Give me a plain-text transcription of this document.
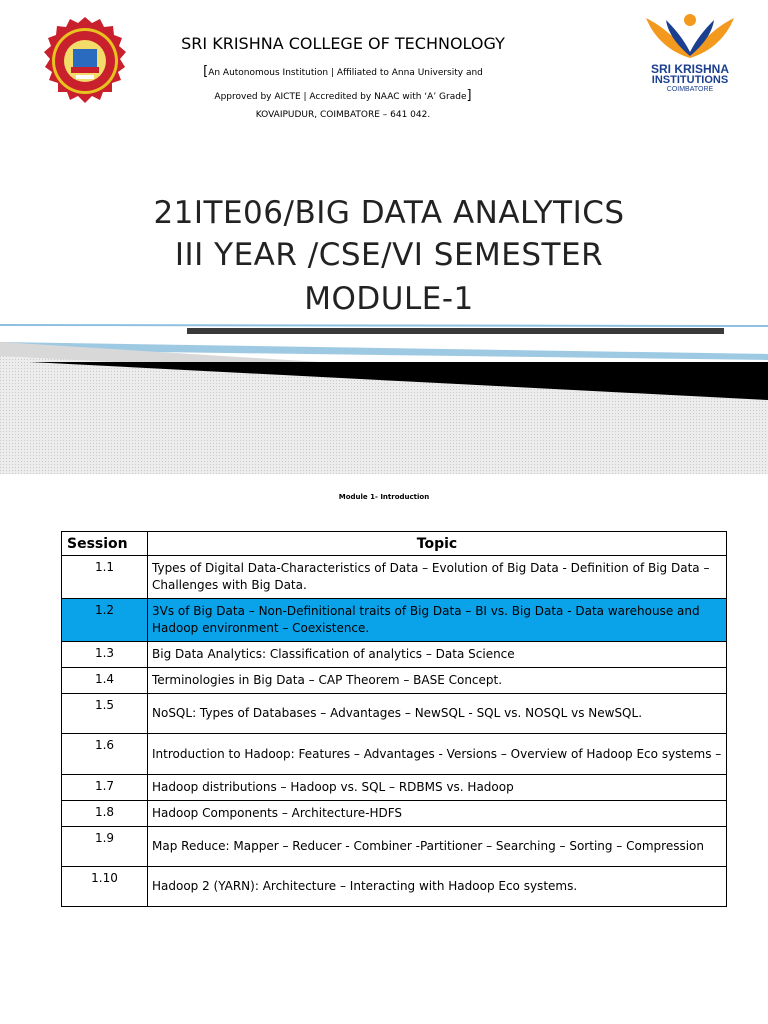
SRI KRISHNA
INSTITUTIONS
COIMBATORE
SRI KRISHNA COLLEGE OF TECHNOLOGY
[An Autonomous Institution | Affiliated to Anna University and
Approved by AICTE | Accredited by NAAC with ‘A’ Grade]
KOVAIPUDUR, COIMBATORE – 641 042.
21ITE06/BIG DATA ANALYTICS
III YEAR /CSE/VI SEMESTER
MODULE-1
Module 1- Introduction
Session	Topic
1.1	Types of Digital Data-Characteristics of Data – Evolution of Big Data - Definition of Big Data – Challenges with Big Data.
1.2	3Vs of Big Data – Non-Definitional traits of Big Data – BI vs. Big Data - Data warehouse and Hadoop environment – Coexistence.
1.3	Big Data Analytics: Classification of analytics – Data Science
1.4	Terminologies in Big Data – CAP Theorem – BASE Concept.
1.5	NoSQL: Types of Databases – Advantages – NewSQL - SQL vs. NOSQL vs NewSQL.
1.6	Introduction to Hadoop: Features – Advantages - Versions – Overview of Hadoop Eco systems –
1.7	Hadoop distributions – Hadoop vs. SQL – RDBMS vs. Hadoop
1.8	Hadoop Components – Architecture-HDFS
1.9	Map Reduce: Mapper – Reducer - Combiner -Partitioner – Searching – Sorting – Compression
1.10	Hadoop 2 (YARN): Architecture – Interacting with Hadoop Eco systems.
